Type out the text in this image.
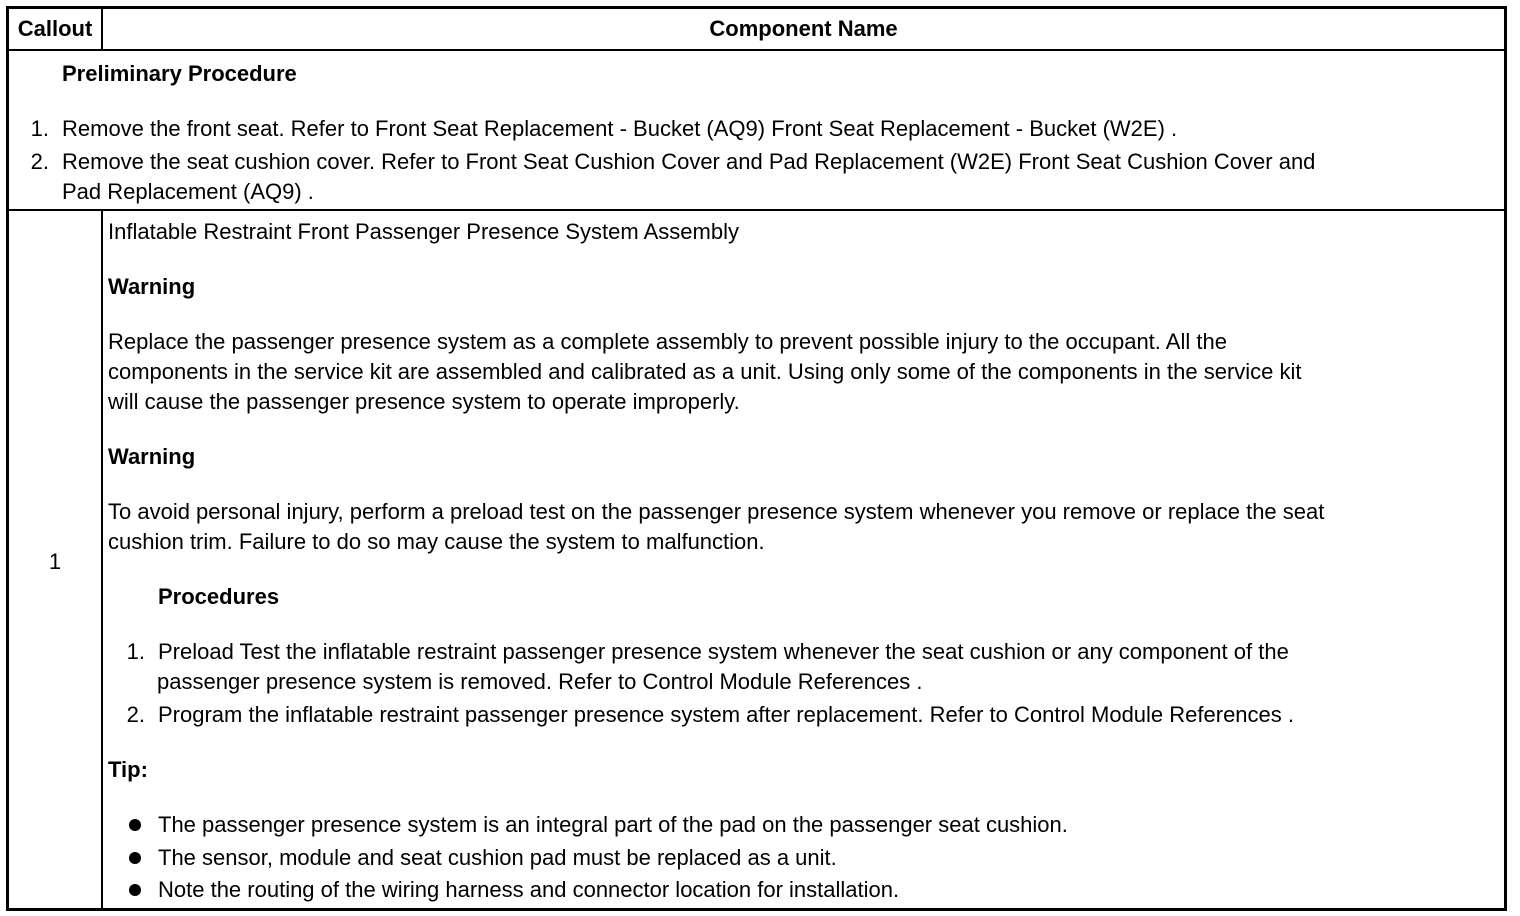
Callout	Component Name
Preliminary Procedure
1. Remove the front seat. Refer to Front Seat Replacement - Bucket (AQ9) Front Seat Replacement - Bucket (W2E) .
2. Remove the seat cushion cover. Refer to Front Seat Cushion Cover and Pad Replacement (W2E) Front Seat Cushion Cover and
Pad Replacement (AQ9) .
1
Inflatable Restraint Front Passenger Presence System Assembly
Warning
Replace the passenger presence system as a complete assembly to prevent possible injury to the occupant. All the
components in the service kit are assembled and calibrated as a unit. Using only some of the components in the service kit
will cause the passenger presence system to operate improperly.
Warning
To avoid personal injury, perform a preload test on the passenger presence system whenever you remove or replace the seat
cushion trim. Failure to do so may cause the system to malfunction.
Procedures
1. Preload Test the inflatable restraint passenger presence system whenever the seat cushion or any component of the
passenger presence system is removed. Refer to Control Module References .
2. Program the inflatable restraint passenger presence system after replacement. Refer to Control Module References .
Tip:
The passenger presence system is an integral part of the pad on the passenger seat cushion.
The sensor, module and seat cushion pad must be replaced as a unit.
Note the routing of the wiring harness and connector location for installation.
